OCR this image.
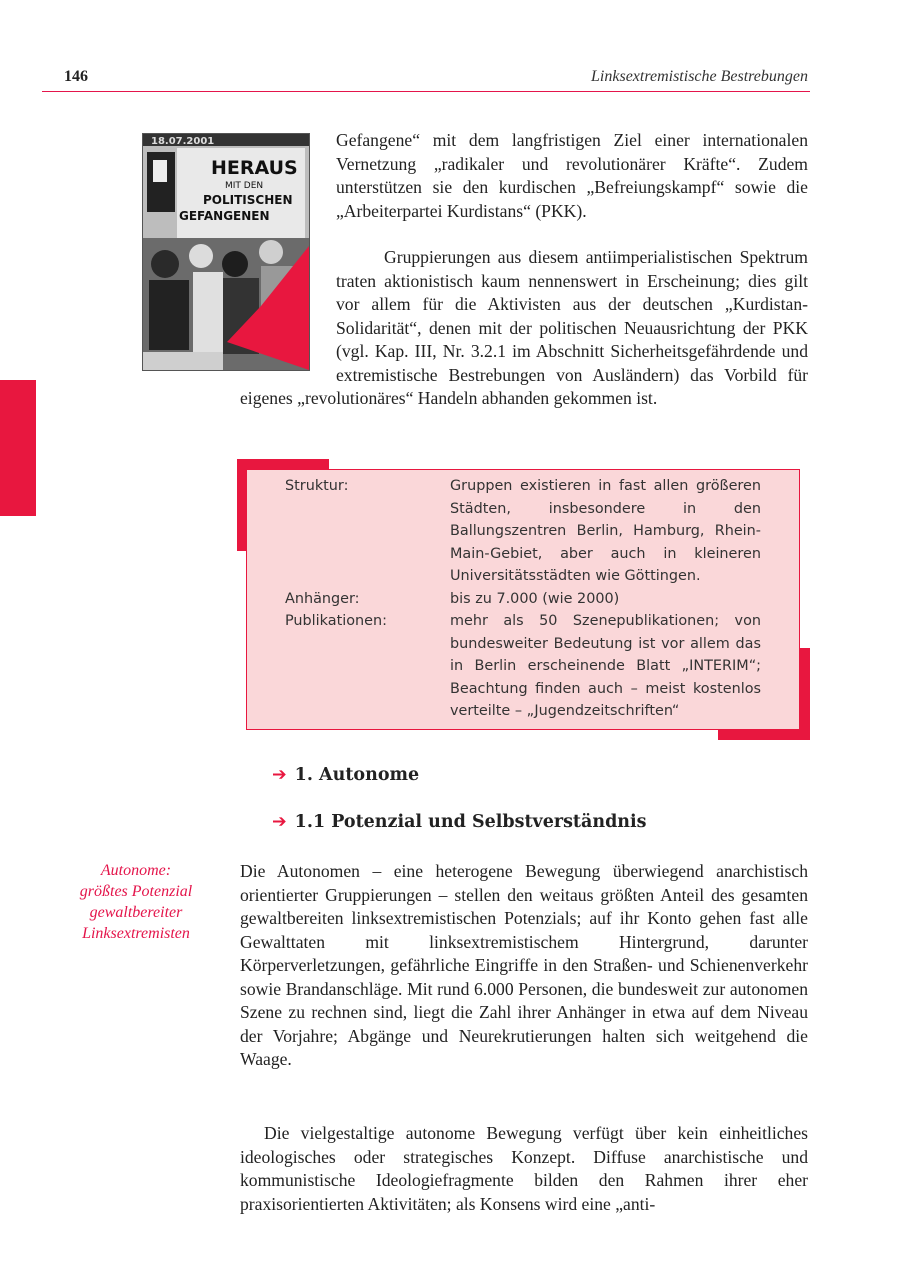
146	Linksextremistische Bestrebungen
18.07.2001
HERAUS
MIT DEN
POLITISCHEN
GEFANGENEN

Gefangene“ mit dem langfristigen Ziel einer internationalen Vernetzung „radikaler und revolutionärer Kräfte“. Zudem unterstützen sie den kurdischen „Befreiungskampf“ sowie die „Arbeiterpartei Kurdistans“ (PKK).

Gruppierungen aus diesem antiimperialistischen Spektrum traten aktionistisch kaum nennenswert in Erscheinung; dies gilt vor allem für die Aktivisten aus der deutschen „Kurdistan-Solidarität“, denen mit der politischen Neuausrichtung der PKK (vgl. Kap. III, Nr. 3.2.1 im Abschnitt Sicherheitsgefährdende und extremistische Bestrebungen von Ausländern) das Vorbild für eigenes „revolutionäres“ Handeln abhanden gekommen ist.
Struktur:	Gruppen existieren in fast allen größeren Städten, insbesondere in den Ballungszentren Berlin, Hamburg, Rhein-Main-Gebiet, aber auch in kleineren Universitätsstädten wie Göttingen.
Anhänger:	bis zu 7.000 (wie 2000)
Publikationen:	mehr als 50 Szenepublikationen; von bundesweiter Bedeutung ist vor allem das in Berlin erscheinende Blatt „INTERIM“; Beachtung finden auch – meist kostenlos verteilte – „Jugendzeitschriften“
➔ 1. Autonome
➔ 1.1 Potenzial und Selbstverständnis
Autonome:
größtes Potenzial
gewaltbereiter
Linksextremisten

Die Autonomen – eine heterogene Bewegung überwiegend anarchistisch orientierter Gruppierungen – stellen den weitaus größten Anteil des gesamten gewaltbereiten linksextremistischen Potenzials; auf ihr Konto gehen fast alle Gewalttaten mit linksextremistischem Hintergrund, darunter Körperverletzungen, gefährliche Eingriffe in den Straßen- und Schienenverkehr sowie Brandanschläge. Mit rund 6.000 Personen, die bundesweit zur autonomen Szene zu rechnen sind, liegt die Zahl ihrer Anhänger in etwa auf dem Niveau der Vorjahre; Abgänge und Neurekrutierungen halten sich weitgehend die Waage.

Die vielgestaltige autonome Bewegung verfügt über kein einheitliches ideologisches oder strategisches Konzept. Diffuse anarchistische und kommunistische Ideologiefragmente bilden den Rahmen ihrer eher praxisorientierten Aktivitäten; als Konsens wird eine „anti-
